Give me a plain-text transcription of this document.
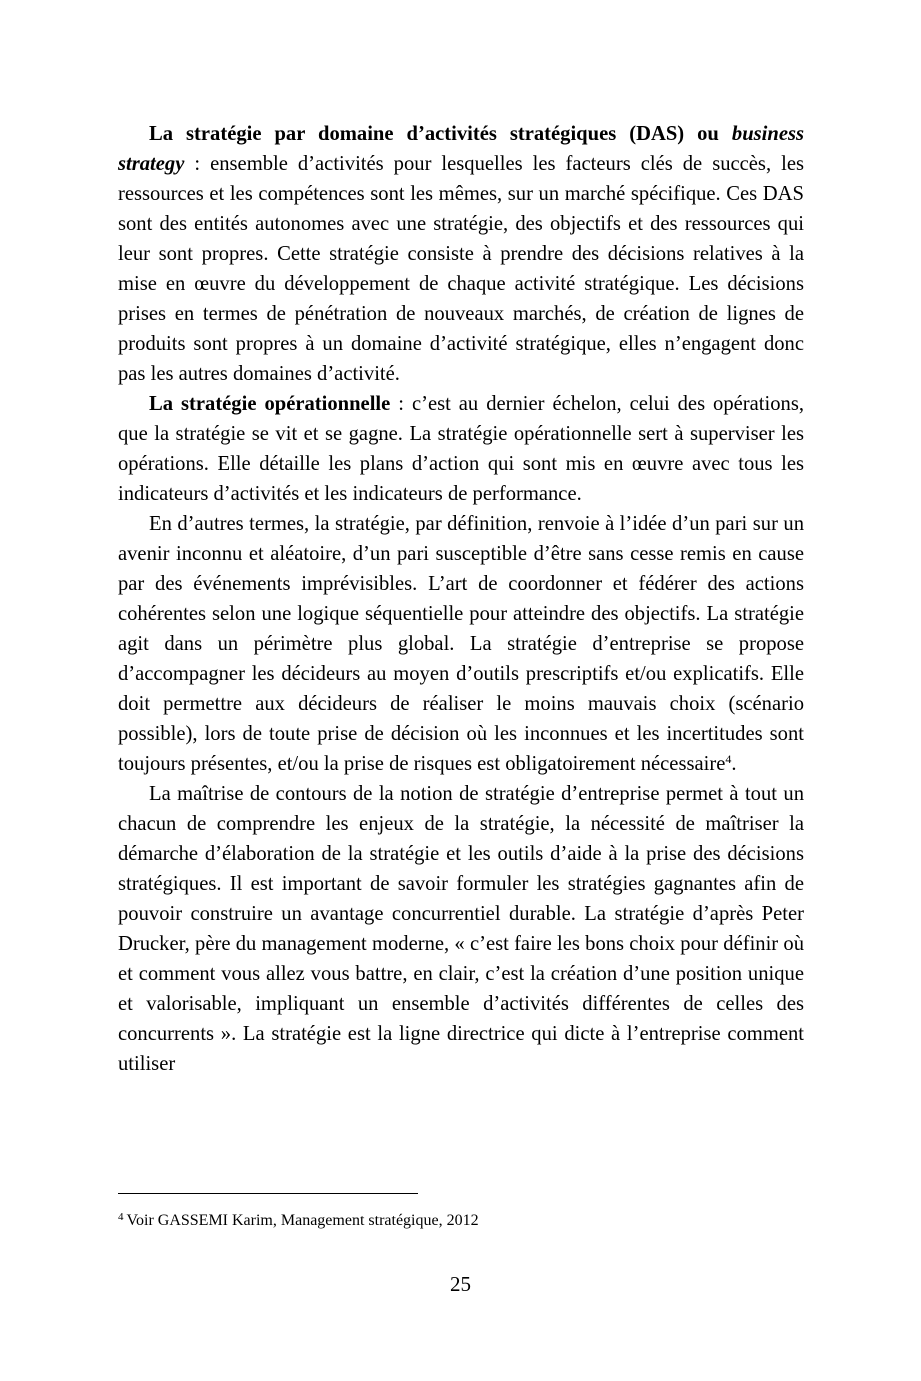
La stratégie par domaine d’activités stratégiques (DAS) ou business strategy : ensemble d’activités pour lesquelles les facteurs clés de succès, les ressources et les compétences sont les mêmes, sur un marché spécifique. Ces DAS sont des entités autonomes avec une stratégie, des objectifs et des ressources qui leur sont propres. Cette stratégie consiste à prendre des décisions relatives à la mise en œuvre du développement de chaque activité stratégique. Les décisions prises en termes de pénétration de nouveaux marchés, de création de lignes de produits sont propres à un domaine d’activité stratégique, elles n’engagent donc pas les autres domaines d’activité.

La stratégie opérationnelle : c’est au dernier échelon, celui des opérations, que la stratégie se vit et se gagne. La stratégie opérationnelle sert à superviser les opérations. Elle détaille les plans d’action qui sont mis en œuvre avec tous les indicateurs d’activités et les indicateurs de performance.

En d’autres termes, la stratégie, par définition, renvoie à l’idée d’un pari sur un avenir inconnu et aléatoire, d’un pari susceptible d’être sans cesse remis en cause par des événements imprévisibles. L’art de coordonner et fédérer des actions cohérentes selon une logique séquentielle pour atteindre des objectifs. La stratégie agit dans un périmètre plus global. La stratégie d’entreprise se propose d’accompagner les décideurs au moyen d’outils prescriptifs et/ou explicatifs. Elle doit permettre aux décideurs de réaliser le moins mauvais choix (scénario possible), lors de toute prise de décision où les inconnues et les incertitudes sont toujours présentes, et/ou la prise de risques est obligatoirement nécessaire$^4$.

La maîtrise de contours de la notion de stratégie d’entreprise permet à tout un chacun de comprendre les enjeux de la stratégie, la nécessité de maîtriser la démarche d’élaboration de la stratégie et les outils d’aide à la prise des décisions stratégiques. Il est important de savoir formuler les stratégies gagnantes afin de pouvoir construire un avantage concurrentiel durable. La stratégie d’après Peter Drucker, père du management moderne, « c’est faire les bons choix pour définir où et comment vous allez vous battre, en clair, c’est la création d’une position unique et valorisable, impliquant un ensemble d’activités différentes de celles des concurrents ». La stratégie est la ligne directrice qui dicte à l’entreprise comment utiliser

$^4$ Voir GASSEMI Karim, Management stratégique, 2012
25
